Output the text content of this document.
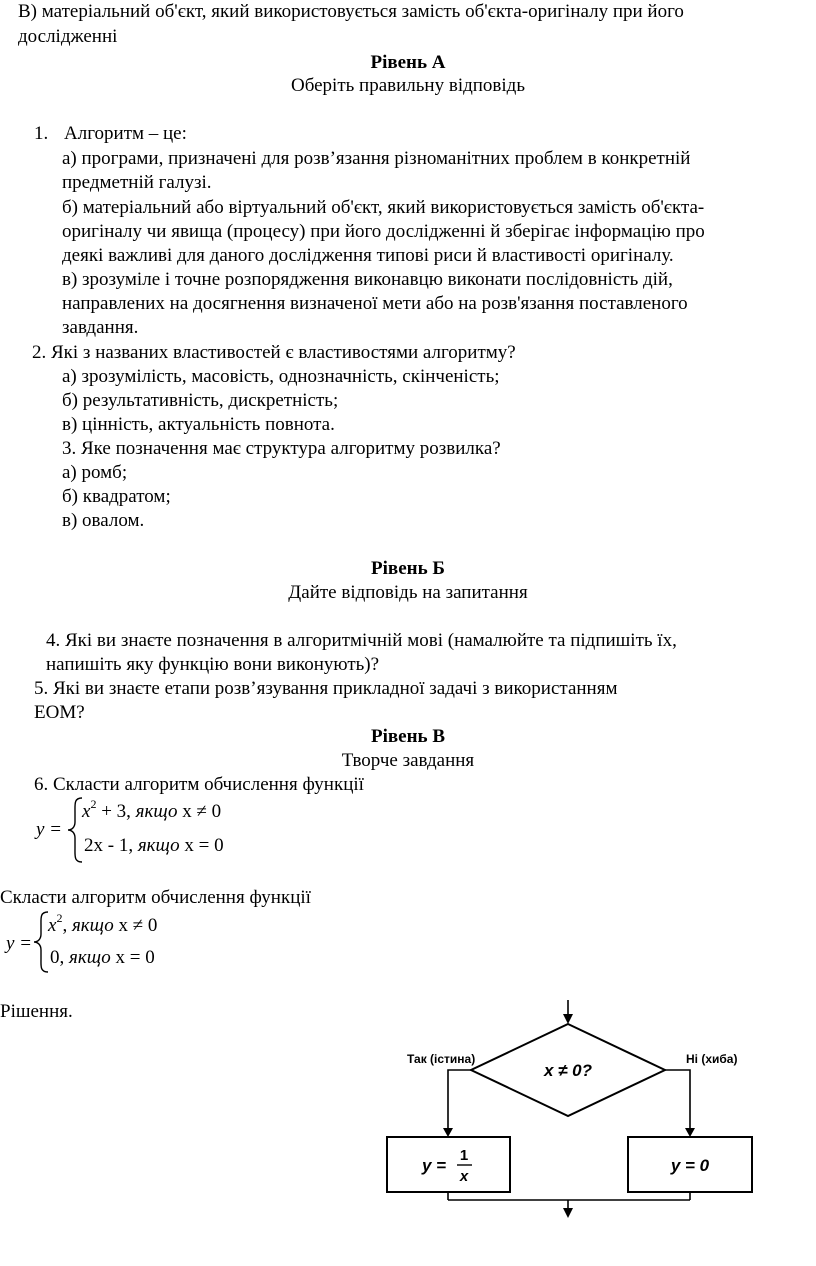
В) матеріальний об'єкт, який використовується замість об'єкта-оригіналу при його
дослідженні
Рівень А
Оберіть правильну відповідь
1. Алгоритм – це:
а) програми, призначені для розв’язання різноманітних проблем в конкретній
предметній галузі.
б) матеріальний або віртуальний об'єкт, який використовується замість об'єкта-
оригіналу чи явища (процесу) при його дослідженні й зберігає інформацію про
деякі важливі для даного дослідження типові риси й властивості оригіналу.
в) зрозуміле і точне розпорядження виконавцю виконати послідовність дій,
направлених на досягнення визначеної мети або на розв'язання поставленого
завдання.
2. Які з названих властивостей є властивостями алгоритму?
а) зрозумілість, масовість, однозначність, скінченість;
б) результативність, дискретність;
в) цінність, актуальність повнота.
3. Яке позначення має структура алгоритму розвилка?
а) ромб;
б) квадратом;
в) овалом.
Рівень Б
Дайте відповідь на запитання
4. Які ви знаєте позначення в алгоритмічній мові (намалюйте та підпишіть їх,
напишіть яку функцію вони виконують)?
5. Які ви знаєте етапи розв’язування прикладної задачі з використанням
ЕОМ?
Рівень В
Творче завдання
6. Скласти алгоритм обчислення функції
y =
$x^2 + 3$, якщо x ≠ 0
2x - 1, якщо x = 0
Скласти алгоритм обчислення функції
y =
$x^2$, якщо x ≠ 0
0, якщо x = 0
Рішення.
Так (істина)	Ні (хиба)
x ≠ 0?
y =
1
x
y = 0
